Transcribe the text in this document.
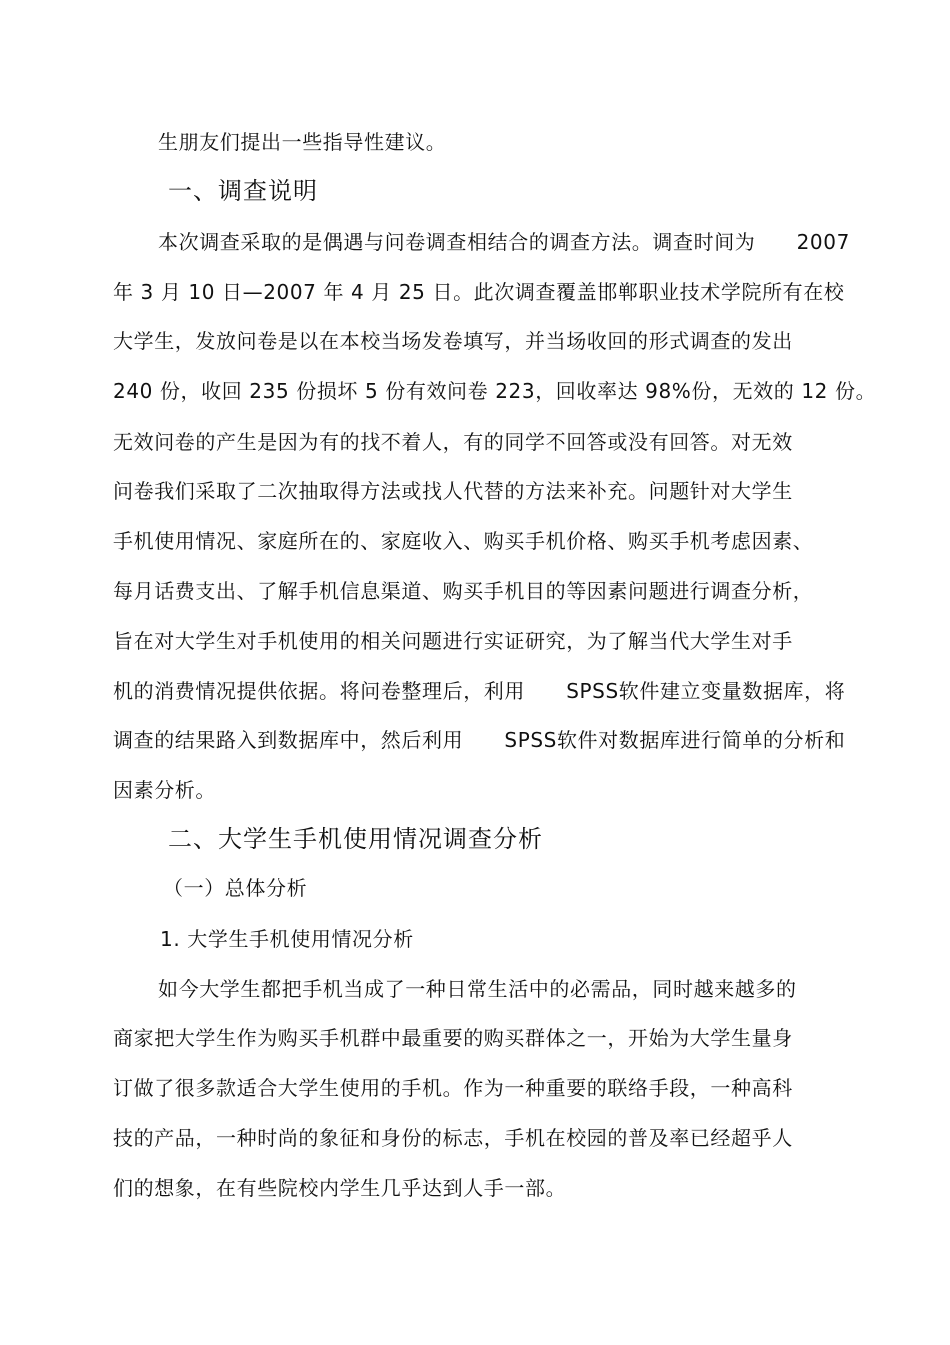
生朋友们提出一些指导性建议。
一、调查说明
本次调查采取的是偶遇与问卷调查相结合的调查方法。调查时间为　　2007
年 3 月 10 日—2007 年 4 月 25 日。此次调查覆盖邯郸职业技术学院所有在校
大学生，发放问卷是以在本校当场发卷填写，并当场收回的形式调查的发出
240 份，收回 235 份损坏 5 份有效问卷 223，回收率达 98%份，无效的 12 份。
无效问卷的产生是因为有的找不着人，有的同学不回答或没有回答。对无效
问卷我们采取了二次抽取得方法或找人代替的方法来补充。问题针对大学生
手机使用情况、家庭所在的、家庭收入、购买手机价格、购买手机考虑因素、
每月话费支出、了解手机信息渠道、购买手机目的等因素问题进行调查分析，
旨在对大学生对手机使用的相关问题进行实证研究，为了解当代大学生对手
机的消费情况提供依据。将问卷整理后，利用　　SPSS软件建立变量数据库，将
调查的结果路入到数据库中，然后利用　　SPSS软件对数据库进行简单的分析和
因素分析。
二、大学生手机使用情况调查分析
（一）总体分析
1. 大学生手机使用情况分析
如今大学生都把手机当成了一种日常生活中的必需品，同时越来越多的
商家把大学生作为购买手机群中最重要的购买群体之一，开始为大学生量身
订做了很多款适合大学生使用的手机。作为一种重要的联络手段，一种高科
技的产品，一种时尚的象征和身份的标志，手机在校园的普及率已经超乎人
们的想象，在有些院校内学生几乎达到人手一部。
